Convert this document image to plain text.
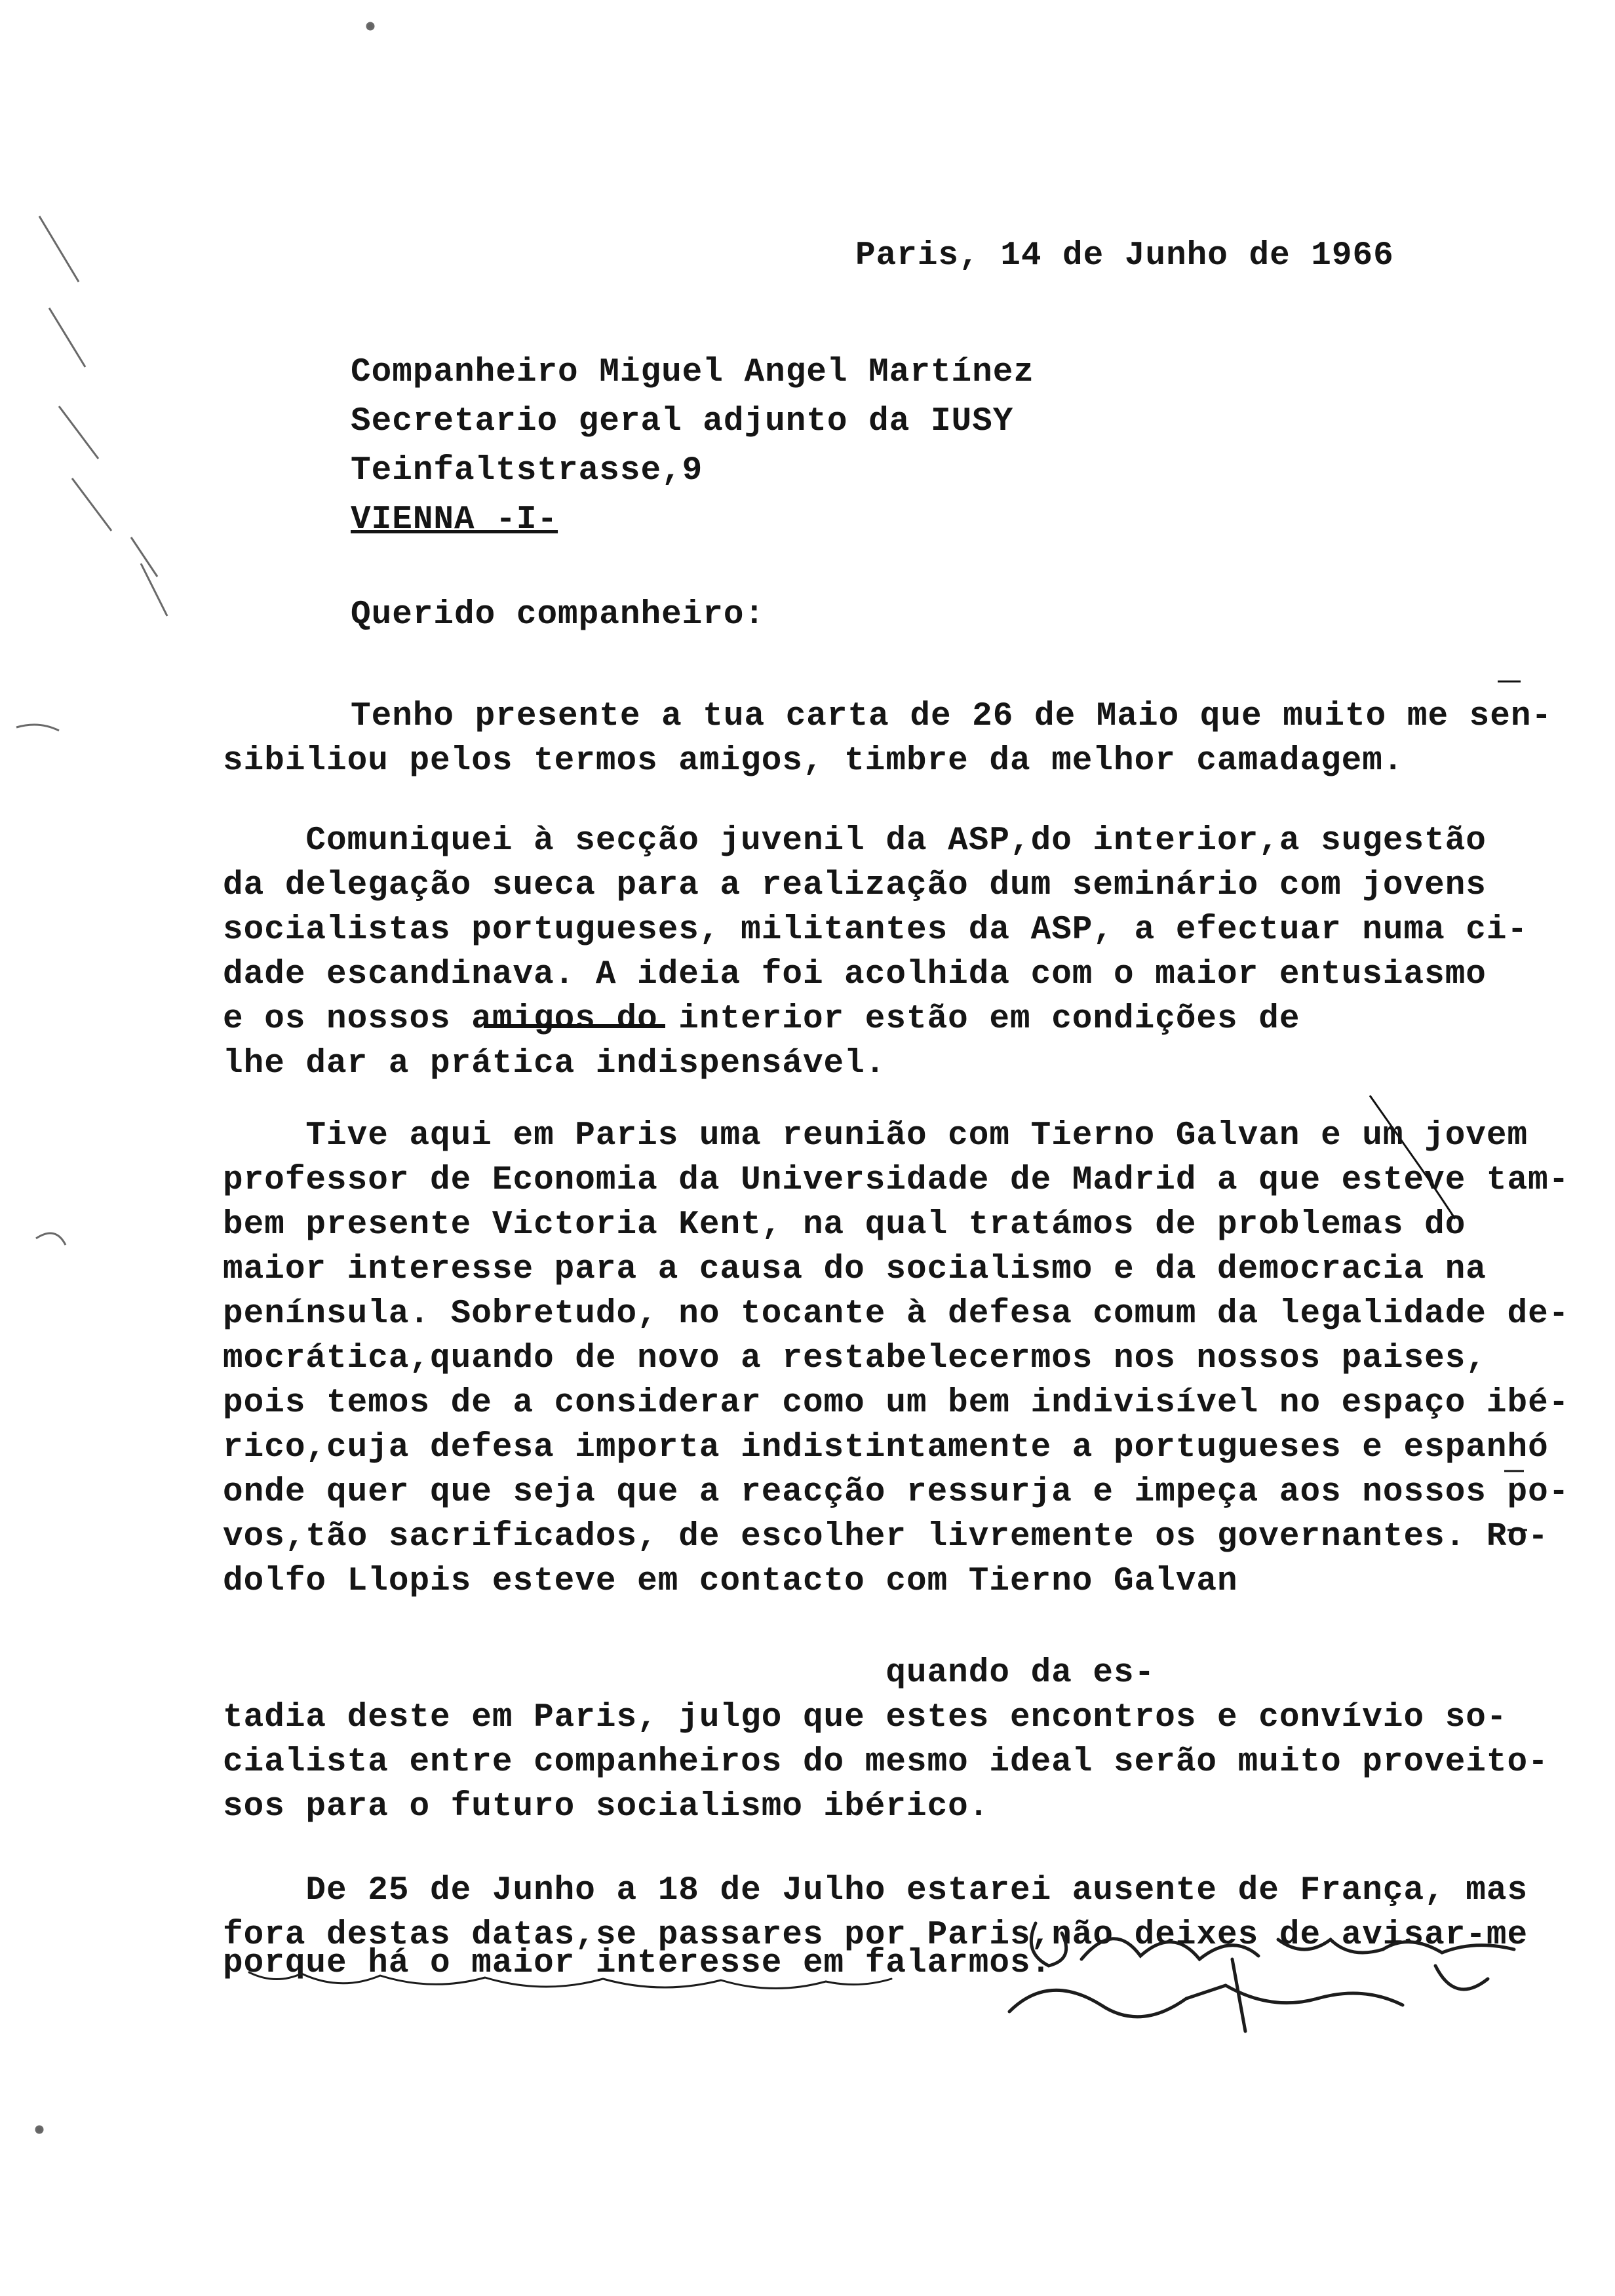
Paris, 14 de Junho de 1966
Companheiro Miguel Angel Martínez
Secretario geral adjunto da IUSY
Teinfaltstrasse,9
VIENNA -I-
Querido companheiro:
Tenho presente a tua carta de 26 de Maio que muito me sen-
sibiliou pelos termos amigos, timbre da melhor camadagem.
Comuniquei à secção juvenil da ASP,do interior,a sugestão
da delegação sueca para a realização dum seminário com jovens
socialistas portugueses, militantes da ASP, a efectuar numa ci-
dade escandinava. A ideia foi acolhida com o maior entusiasmo
e os nossos amigos do interior estão em condições de
lhe dar a prática indispensável.
Tive aqui em Paris uma reunião com Tierno Galvan e um jovem
professor de Economia da Universidade de Madrid a que esteve tam-
bem presente Victoria Kent, na qual tratámos de problemas do
maior interesse para a causa do socialismo e da democracia na
península. Sobretudo, no tocante à defesa comum da legalidade de-
mocrática,quando de novo a restabelecermos nos nossos paises,
pois temos de a considerar como um bem indivisível no espaço ibé-
rico,cuja defesa importa indistintamente a portugueses e espanhó
onde quer que seja que a reacção ressurja e impeça aos nossos po-
vos,tão sacrificados, de escolher livremente os governantes. Ro-
dolfo Llopis esteve em contacto com Tierno Galvan
quando da es-
tadia deste em Paris, julgo que estes encontros e convívio so-
cialista entre companheiros do mesmo ideal serão muito proveito-
sos para o futuro socialismo ibérico.
De 25 de Junho a 18 de Julho estarei ausente de França, mas
fora destas datas,se passares por Paris,não deixes de avisar-me
porque há o maior interesse em falarmos.
